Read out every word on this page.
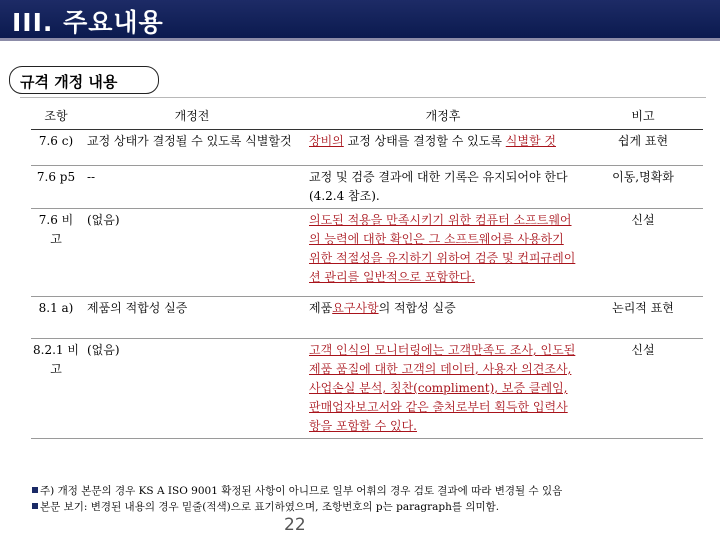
III. 주요내용
규격 개정 내용
조항	개정전	개정후	비고
7.6 c)	교정 상태가 결정될 수 있도록 식별할것	장비의 교정 상태를 결정할 수 있도록 식별할 것	쉽게 표현
7.6 p5	--	교정 및 검증 결과에 대한 기록은 유지되어야 한다 (4.2.4 참조).	이동,명확화
7.6 비고	(없음)	의도된 적용을 만족시키기 위한 컴퓨터 소프트웨어의 능력에 대한 확인은 그 소프트웨어를 사용하기 위한 적절성을 유지하기 위하여 검증 및 컨피규레이션 관리를 일반적으로 포함한다.	신설
8.1 a)	제품의 적합성 실증	제품요구사항의 적합성 실증	논리적 표현
8.2.1 비고	(없음)	고객 인식의 모니터링에는 고객만족도 조사, 인도된 제품 품질에 대한 고객의 데이터, 사용자 의견조사, 사업손실 분석, 칭찬(compliment), 보증 클레임, 판매업자보고서와 같은 출처로부터 획득한 입력사항을 포함할 수 있다.	신설
주) 개정 본문의 경우 KS A ISO 9001 확정된 사항이 아니므로 일부 어휘의 경우 검토 결과에 따라 변경될 수 있음
본문 보기: 변경된 내용의 경우 밑줄(적색)으로 표기하였으며, 조항번호의 p는 paragraph를 의미함.
22
